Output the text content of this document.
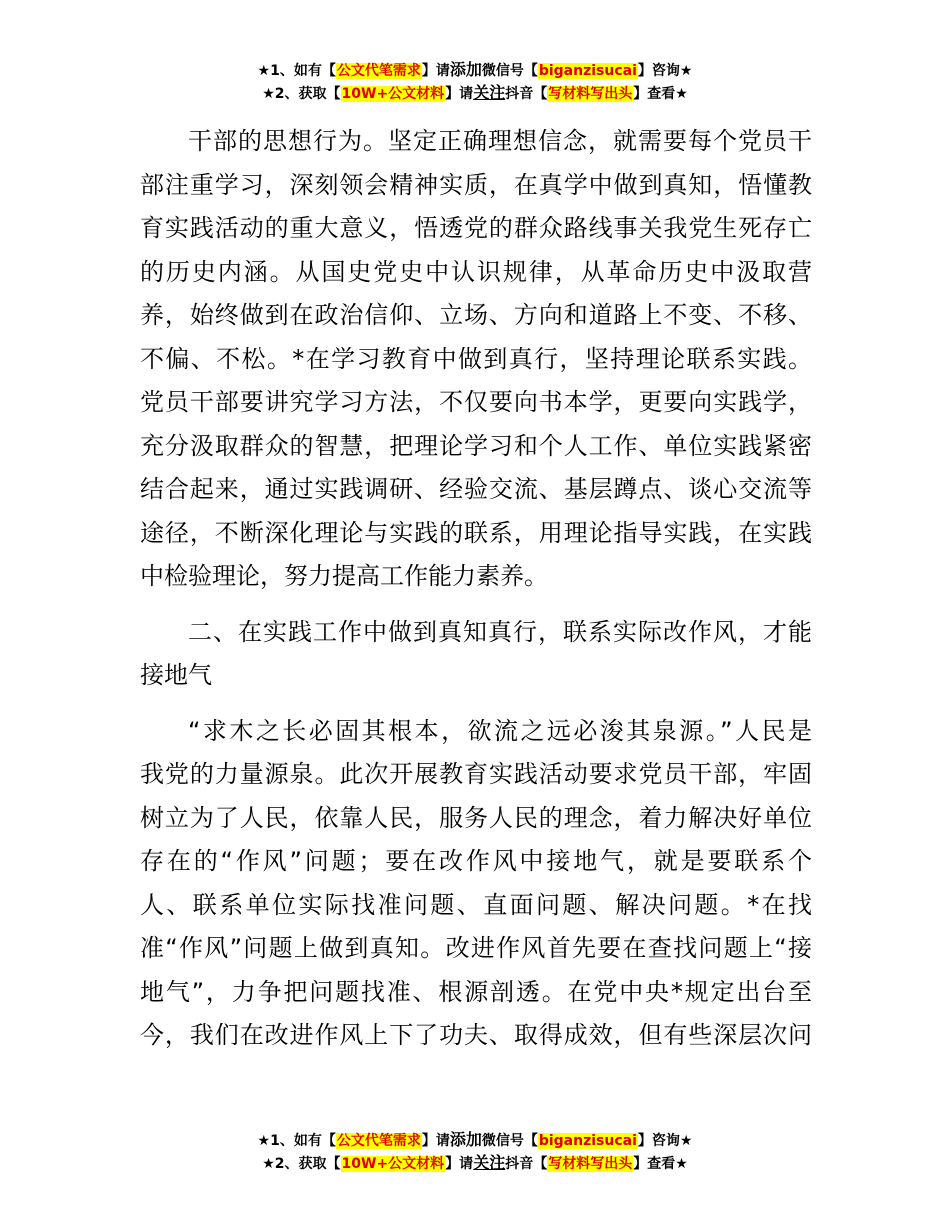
★1、如有【公文代笔需求】请添加微信号【biganzisucai】咨询★
★2、获取【10W+公文材料】请关注抖音【写材料写出头】查看★

干部的思想行为。坚定正确理想信念，就需要每个党员干
部注重学习，深刻领会精神实质，在真学中做到真知，悟懂教
育实践活动的重大意义，悟透党的群众路线事关我党生死存亡
的历史内涵。从国史党史中认识规律，从革命历史中汲取营
养，始终做到在政治信仰、立场、方向和道路上不变、不移、
不偏、不松。*在学习教育中做到真行，坚持理论联系实践。
党员干部要讲究学习方法，不仅要向书本学，更要向实践学，
充分汲取群众的智慧，把理论学习和个人工作、单位实践紧密
结合起来，通过实践调研、经验交流、基层蹲点、谈心交流等
途径，不断深化理论与实践的联系，用理论指导实践，在实践
中检验理论，努力提高工作能力素养。

二、在实践工作中做到真知真行，联系实际改作风，才能
接地气

“求木之长必固其根本，欲流之远必浚其泉源。”人民是
我党的力量源泉。此次开展教育实践活动要求党员干部，牢固
树立为了人民，依靠人民，服务人民的理念，着力解决好单位
存在的“作风”问题；要在改作风中接地气，就是要联系个
人、联系单位实际找准问题、直面问题、解决问题。*在找
准“作风”问题上做到真知。改进作风首先要在查找问题上“接
地气”，力争把问题找准、根源剖透。在党中央*规定出台至
今，我们在改进作风上下了功夫、取得成效，但有些深层次问

★1、如有【公文代笔需求】请添加微信号【biganzisucai】咨询★
★2、获取【10W+公文材料】请关注抖音【写材料写出头】查看★
